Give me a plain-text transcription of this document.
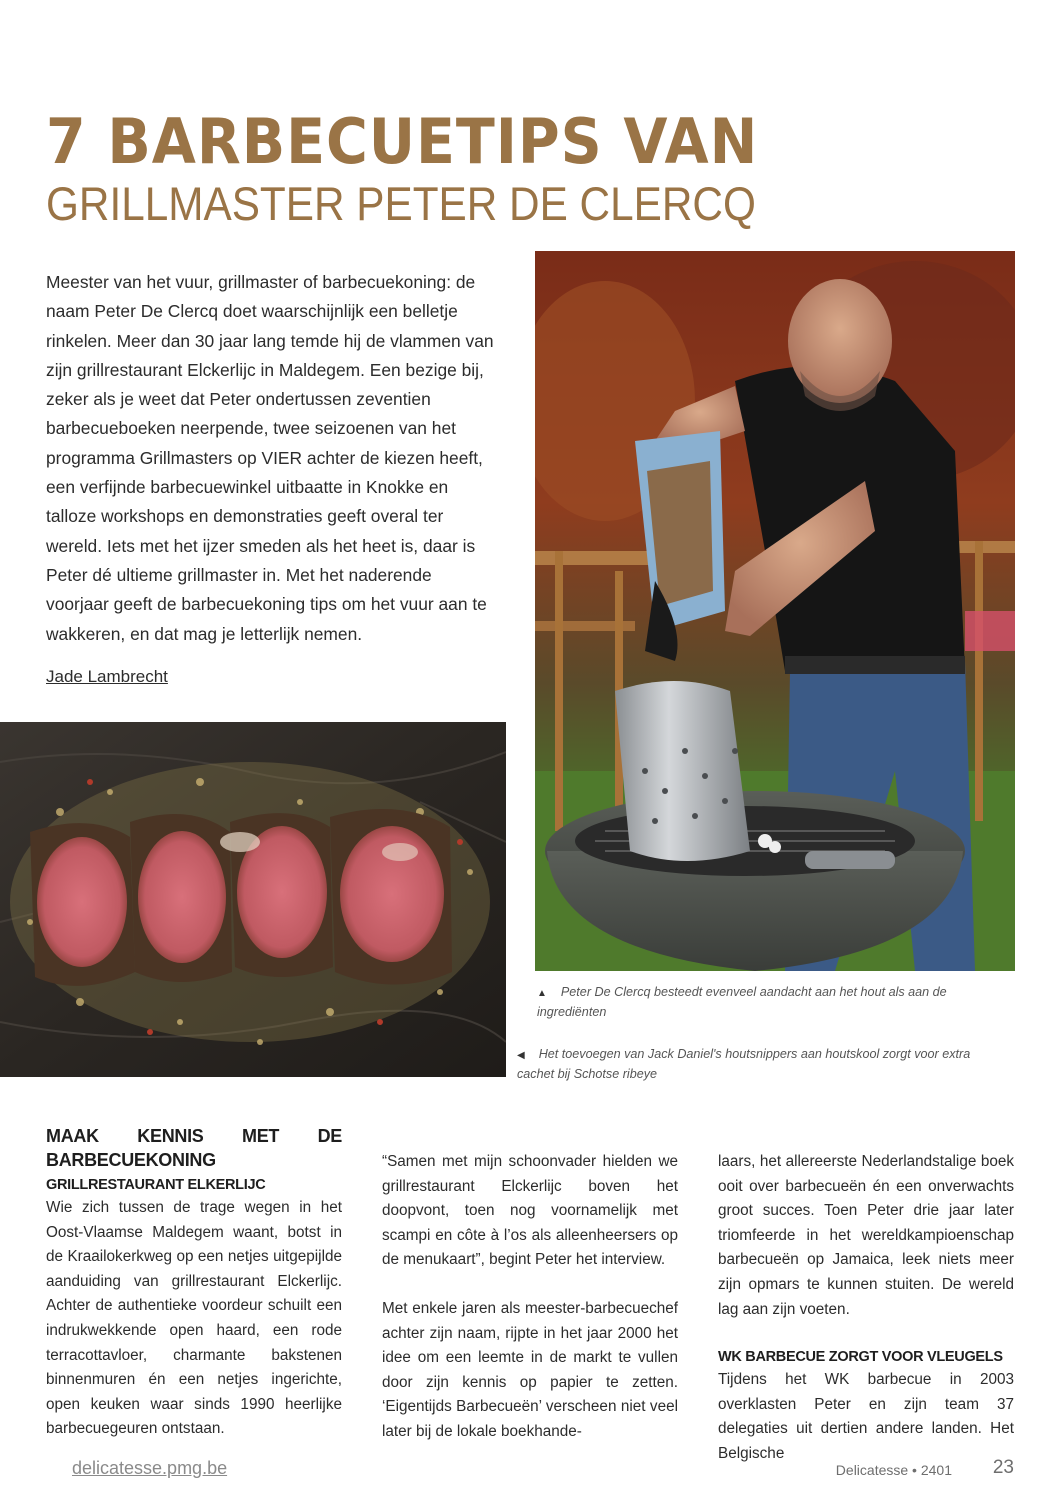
7 BARBECUETIPS VAN
GRILLMASTER PETER DE CLERCQ

Meester van het vuur, grillmaster of barbecuekoning: de naam Peter De Clercq doet waarschijnlijk een belletje rinkelen. Meer dan 30 jaar lang temde hij de vlammen van zijn grillrestaurant Elckerlijc in Maldegem. Een bezige bij, zeker als je weet dat Peter ondertussen zeventien barbecueboeken neerpende, twee seizoenen van het programma Grillmasters op VIER achter de kiezen heeft, een verfijnde barbecuewinkel uitbaatte in Knokke en talloze workshops en demonstraties geeft overal ter wereld. Iets met het ijzer smeden als het heet is, daar is Peter dé ultieme grillmaster in. Met het naderende voorjaar geeft de barbecuekoning tips om het vuur aan te wakkeren, en dat mag je letterlijk nemen.

Jade Lambrecht

▲ Peter De Clercq besteedt evenveel aandacht aan het hout als aan de ingrediënten

◀ Het toevoegen van Jack Daniel's houtsnippers aan houtskool zorgt voor extra cachet bij Schotse ribeye

MAAK KENNIS MET DE BARBECUEKONING
GRILLRESTAURANT ELKERLIJC

Wie zich tussen de trage wegen in het Oost-Vlaamse Maldegem waant, botst in de Kraailokerkweg op een netjes uitgepijlde aanduiding van grillrestaurant Elckerlijc. Achter de authentieke voordeur schuilt een indrukwekkende open haard, een rode terracottavloer, charmante bakstenen binnenmuren én een netjes ingerichte, open keuken waar sinds 1990 heerlijke barbecuegeuren ontstaan.

“Samen met mijn schoonvader hielden we grillrestaurant Elckerlijc boven het doopvont, toen nog voornamelijk met scampi en côte à l’os als alleenheersers op de menukaart”, begint Peter het interview.

Met enkele jaren als meester-barbecuechef achter zijn naam, rijpte in het jaar 2000 het idee om een leemte in de markt te vullen door zijn kennis op papier te zetten. ‘Eigentijds Barbecueën’ verscheen niet veel later bij de lokale boekhande-

laars, het allereerste Nederlandstalige boek ooit over barbecueën én een onverwachts groot succes. Toen Peter drie jaar later triomfeerde in het wereldkampioenschap barbecueën op Jamaica, leek niets meer zijn opmars te kunnen stuiten. De wereld lag aan zijn voeten.

WK BARBECUE ZORGT VOOR VLEUGELS

Tijdens het WK barbecue in 2003 overklasten Peter en zijn team 37 delegaties uit dertien andere landen. Het Belgische

delicatesse.pmg.be	Delicatesse • 2401 23
